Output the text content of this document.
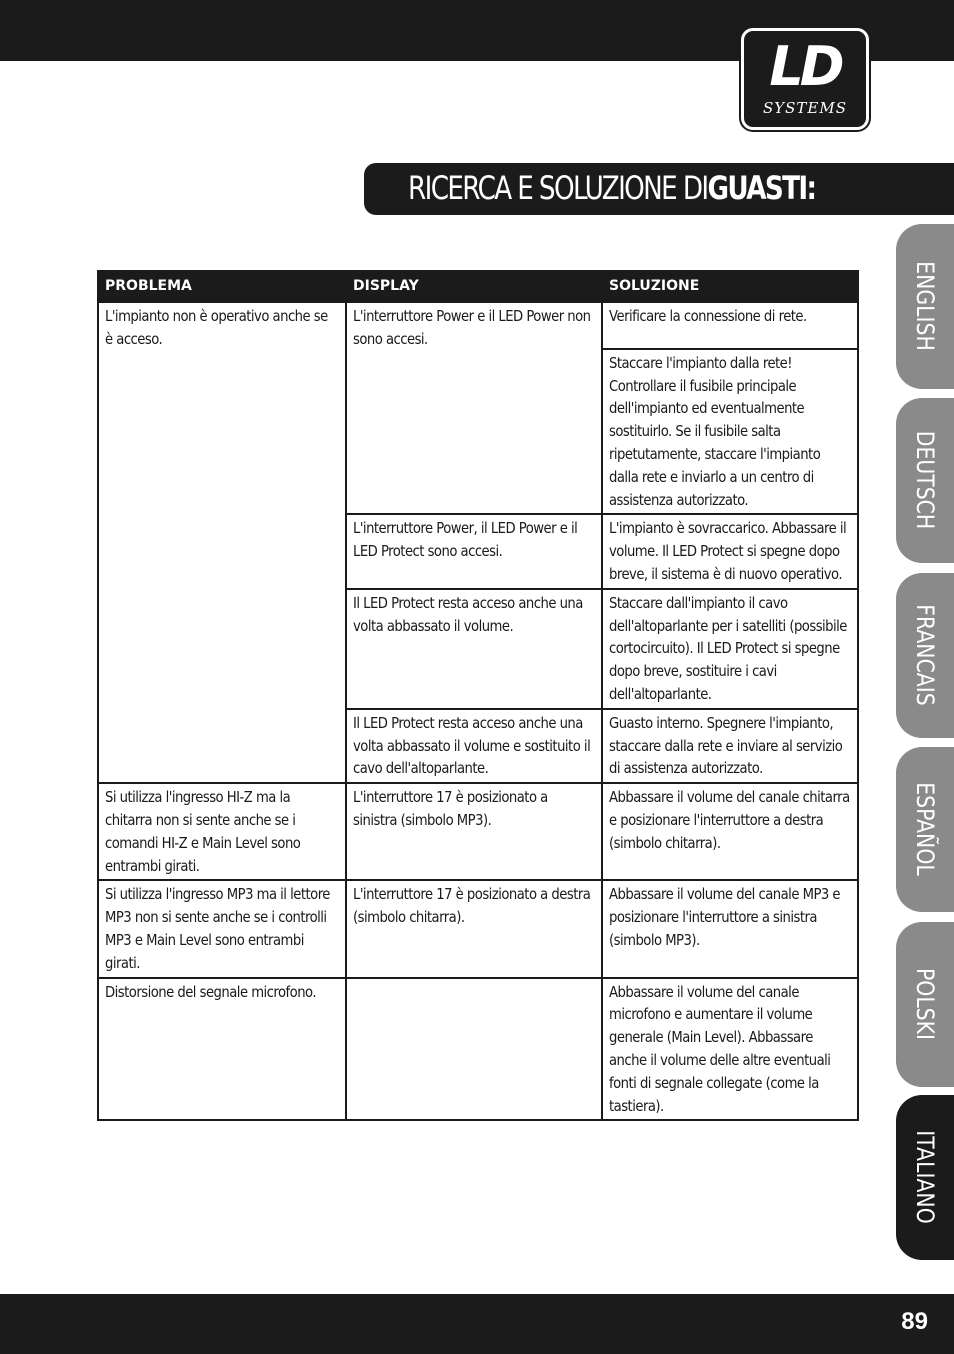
LD
SYSTEMS
RICERCA E SOLUZIONE DIGUASTI:
ENGLISH
DEUTSCH
FRANCAIS
ESPAÑOL
POLSKI
ITALIANO
PROBLEMA	DISPLAY	SOLUZIONE

L'impianto non è operativo anche se è acceso.	L'interruttore Power e il LED Power non sono accesi.	Verificare la connessione di rete.

		Staccare l'impianto dalla rete! Controllare il fusibile principale dell'impianto ed eventualmente sostituirlo. Se il fusibile salta ripetutamente, staccare l'impianto dalla rete e inviarlo a un centro di assistenza autorizzato.

	L'interruttore Power, il LED Power e il LED Protect sono accesi.	L'impianto è sovraccarico. Abbassare il volume. Il LED Protect si spegne dopo breve, il sistema è di nuovo operativo.

	Il LED Protect resta acceso anche una volta abbassato il volume.	Staccare dall'impianto il cavo dell'altoparlante per i satelliti (possibile cortocircuito). Il LED Protect si spegne dopo breve, sostituire i cavi dell'altoparlante.

	Il LED Protect resta acceso anche una volta abbassato il volume e sostituito il cavo dell'altoparlante.	Guasto interno. Spegnere l'impianto, staccare dalla rete e inviare al servizio di assistenza autorizzato.

Si utilizza l'ingresso HI-Z ma la chitarra non si sente anche se i comandi HI-Z e Main Level sono entrambi girati.	L'interruttore 17 è posizionato a sinistra (simbolo MP3).	Abbassare il volume del canale chitarra e posizionare l'interruttore a destra (simbolo chitarra).

Si utilizza l'ingresso MP3 ma il lettore MP3 non si sente anche se i controlli MP3 e Main Level sono entrambi girati.	L'interruttore 17 è posizionato a destra (simbolo chitarra).	Abbassare il volume del canale MP3 e posizionare l'interruttore a sinistra (simbolo MP3).

Distorsione del segnale microfono.		Abbassare il volume del canale microfono e aumentare il volume generale (Main Level). Abbassare anche il volume delle altre eventuali fonti di segnale collegate (come la tastiera).
89
